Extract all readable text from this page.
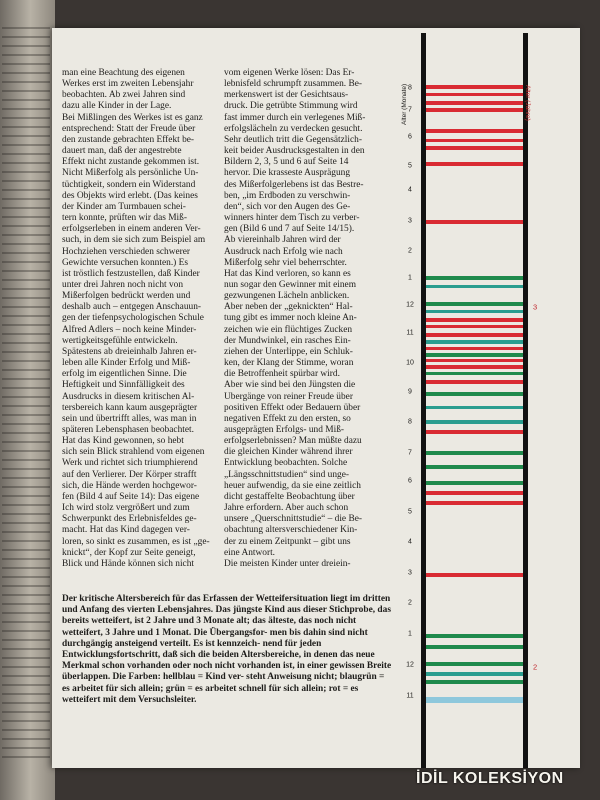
man eine Beachtung des eigenen
Werkes erst im zweiten Lebensjahr
beobachten. Ab zwei Jahren sind
dazu alle Kinder in der Lage.
Bei Mißlingen des Werkes ist es ganz
entsprechend: Statt der Freude über
den zustande gebrachten Effekt be-
dauert man, daß der angestrebte
Effekt nicht zustande gekommen ist.
Nicht Mißerfolg als persönliche Un-
tüchtigkeit, sondern ein Widerstand
des Objekts wird erlebt. (Das keines
der Kinder am Turmbauen schei-
tern konnte, prüften wir das Miß-
erfolgserleben in einem anderen Ver-
such, in dem sie sich zum Beispiel am
Hochziehen verschieden schwerer
Gewichte versuchen konnten.) Es
ist tröstlich festzustellen, daß Kinder
unter drei Jahren noch nicht von
Mißerfolgen bedrückt werden und
deshalb auch – entgegen Anschauun-
gen der tiefenpsychologischen Schule
Alfred Adlers – noch keine Minder-
wertigkeitsgefühle entwickeln.
Spätestens ab dreieinhalb Jahren er-
leben alle Kinder Erfolg und Miß-
erfolg im eigentlichen Sinne. Die
Heftigkeit und Sinnfälligkeit des
Ausdrucks in diesem kritischen Al-
tersbereich kann kaum ausgeprägter
sein und übertrifft alles, was man in
späteren Lebensphasen beobachtet.
Hat das Kind gewonnen, so hebt
sich sein Blick strahlend vom eigenen
Werk und richtet sich triumphierend
auf den Verlierer. Der Körper strafft
sich, die Hände werden hochgewor-
fen (Bild 4 auf Seite 14): Das eigene
Ich wird stolz vergrößert und zum
Schwerpunkt des Erlebnisfeldes ge-
macht. Hat das Kind dagegen ver-
loren, so sinkt es zusammen, es ist „ge-
knickt“, der Kopf zur Seite geneigt,
Blick und Hände können sich nicht
vom eigenen Werke lösen: Das Er-
lebnisfeld schrumpft zusammen. Be-
merkenswert ist der Gesichtsaus-
druck. Die getrübte Stimmung wird
fast immer durch ein verlegenes Miß-
erfolgslächeln zu verdecken gesucht.
Sehr deutlich tritt die Gegensätzlich-
keit beider Ausdrucksgestalten in den
Bildern 2, 3, 5 und 6 auf Seite 14
hervor. Die krasseste Ausprägung
des Mißerfolgerlebens ist das Bestre-
ben, „im Erdboden zu verschwin-
den“, sich vor den Augen des Ge-
winners hinter dem Tisch zu verber-
gen (Bild 6 und 7 auf Seite 14/15).
Ab viereinhalb Jahren wird der
Ausdruck nach Erfolg wie nach
Mißerfolg sehr viel beherrschter.
Hat das Kind verloren, so kann es
nun sogar den Gewinner mit einem
gezwungenen Lächeln anblicken.
Aber neben der „geknickten“ Hal-
tung gibt es immer noch kleine An-
zeichen wie ein flüchtiges Zucken
der Mundwinkel, ein rasches Ein-
ziehen der Unterlippe, ein Schluk-
ken, der Klang der Stimme, woran
die Betroffenheit spürbar wird.
Aber wie sind bei den Jüngsten die
Übergänge von reiner Freude über
positiven Effekt oder Bedauern über
negativen Effekt zu den ersten, so
ausgeprägten Erfolgs- und Miß-
erfolgserlebnissen? Man müßte dazu
die gleichen Kinder während ihrer
Entwicklung beobachten. Solche
„Längsschnittstudien“ sind unge-
heuer aufwendig, da sie eine zeitlich
dicht gestaffelte Beobachtung über
Jahre erfordern. Aber auch schon
unsere „Querschnittstudie“ – die Be-
obachtung altersverschiedener Kin-
der zu einem Zeitpunkt – gibt uns
eine Antwort.
Die meisten Kinder unter dreiein-
Der kritische Altersbereich für das Erfassen der Wetteifersituation liegt im dritten und Anfang des vierten Lebensjahres. Das jüngste Kind aus dieser Stichprobe, das bereits wetteifert, ist 2 Jahre und 3 Monate alt; das älteste, das noch nicht wetteifert, 3 Jahre und 1 Monat. Die Übergangsfor- men bis dahin sind nicht durchgängig ansteigend verteilt. Es ist kennzeich- nend für jeden Entwicklungsfortschritt, daß sich die beiden Altersbereiche, in denen das neue Merkmal schon vorhanden oder noch nicht vorhanden ist, in einer gewissen Breite überlappen. Die Farben: hellblau = Kind ver- steht Anweisung nicht; blaugrün = es arbeitet für sich allein; grün = es arbeitet schnell für sich allein; rot = es wetteifert mit dem Versuchsleiter.
Alter (Monate)	Alter (Jahre)
8
7
6
5
4
3
2
1
12
11
10
9
8
7
6
5
4
3
2
1
12
11
3
2
İDİL KOLEKSİYON
